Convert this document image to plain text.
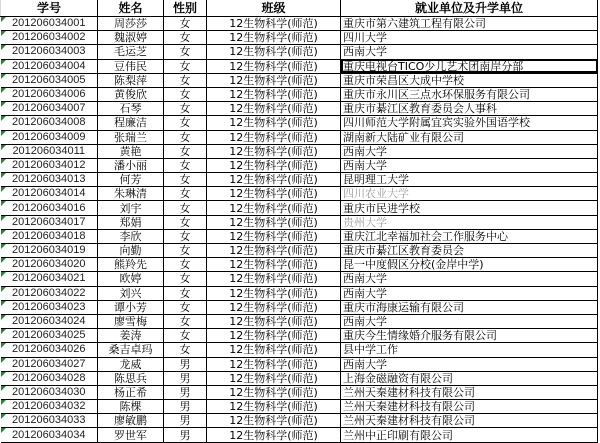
学号	姓名	性别	班级	就业单位及升学单位
201206034001	周莎莎	女	12生物科学(师范)	重庆市第六建筑工程有限公司
201206034002	魏淑婷	女	12生物科学(师范)	四川大学
201206034003	毛运芝	女	12生物科学(师范)	西南大学
201206034004	豆伟民	女	12生物科学(师范)	重庆电视台TICO少儿艺术团南岸分部
201206034005	陈梨萍	女	12生物科学(师范)	重庆市荣昌区大成中学校
201206034006	黄俊欣	女	12生物科学(师范)	重庆市永川区三点水环保服务有限公司
201206034007	石琴	女	12生物科学(师范)	重庆市綦江区教育委员会人事科
201206034008	程廉洁	女	12生物科学(师范)	四川师范大学附属宜宾实验外国语学校
201206034009	张瑞兰	女	12生物科学(师范)	湖南新大陆矿业有限公司
201206034011	黄艳	女	12生物科学(师范)	西南大学
201206034012	潘小丽	女	12生物科学(师范)	西南大学
201206034013	何芳	女	12生物科学(师范)	昆明理工大学
201206034014	朱琳清	女	12生物科学(师范)	四川农业大学
201206034016	刘宇	女	12生物科学(师范)	重庆市民进学校
201206034017	郑娟	女	12生物科学(师范)	贵州大学
201206034018	李欣	女	12生物科学(师范)	重庆江北幸福加社会工作服务中心
201206034019	向勤	女	12生物科学(师范)	重庆市綦江区教育委员会
201206034020	熊羚先	女	12生物科学(师范)	昆一中度假区分校(金岸中学)
201206034021	欧婷	女	12生物科学(师范)	西南大学
201206034022	刘兴	女	12生物科学(师范)	西南大学
201206034023	谭小芳	女	12生物科学(师范)	重庆市海康运输有限公司
201206034024	廖雪梅	女	12生物科学(师范)	西南大学
201206034025	姜涛	女	12生物科学(师范)	重庆今生情缘婚介服务有限公司
201206034026	桑吉卓玛	女	12生物科学(师范)	县中学工作
201206034027	龙威	男	12生物科学(师范)	西南大学
201206034028	陈思兵	男	12生物科学(师范)	上海金磁融资有限公司
201206034030	杨正希	男	12生物科学(师范)	兰州天秦建材科技有限公司
201206034032	陈棵	男	12生物科学(师范)	兰州天秦建材科技有限公司
201206034033	廖敏鹏	男	12生物科学(师范)	兰州天秦建材科技有限公司
201206034034	罗世军	男	12生物科学(师范)	兰州中正印刷有限公司
